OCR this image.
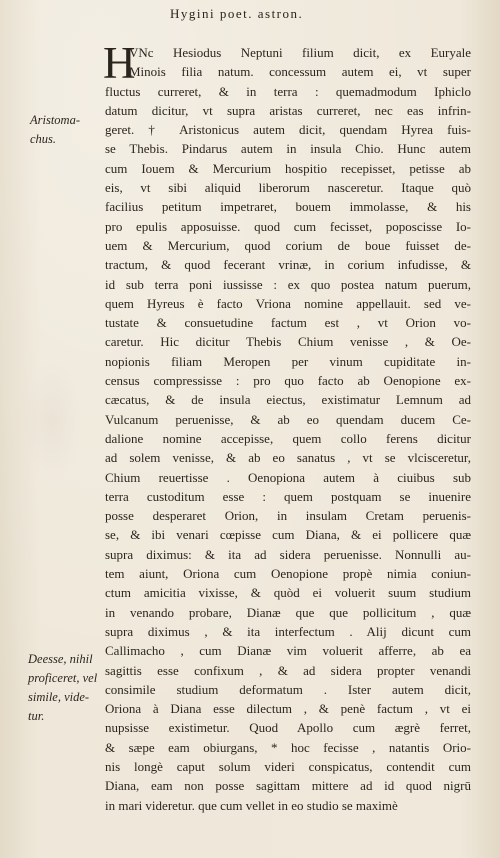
Hygini poet. astron.
H
Aristoma-
chus.
Deesse, nihil
proficeret, vel
simile, vide-
tur.
VNc Hesiodus Neptuni filium dicit, ex Euryale
Minois filia natum. concessum autem ei, vt super
fluctus curreret, & in terra : quemadmodum Iphiclo
datum dicitur, vt supra aristas curreret, nec eas infrin-
geret. † Aristonicus autem dicit, quendam Hyrea fuis-
se Thebis. Pindarus autem in insula Chio. Hunc autem
cum Iouem & Mercurium hospitio recepisset, petisse ab
eis, vt sibi aliquid liberorum nasceretur. Itaque quò
facilius petitum impetraret, bouem immolasse, & his
pro epulis apposuisse. quod cum fecisset, poposcisse Io-
uem & Mercurium, quod corium de boue fuisset de-
tractum, & quod fecerant vrinæ, in corium infudisse, &
id sub terra poni iussisse : ex quo postea natum puerum,
quem Hyreus è facto Vriona nomine appellauit. sed ve-
tustate & consuetudine factum est , vt Orion vo-
caretur. Hic dicitur Thebis Chium venisse , & Oe-
nopionis filiam Meropen per vinum cupiditate in-
census compressisse : pro quo facto ab Oenopione ex-
cæcatus, & de insula eiectus, existimatur Lemnum ad
Vulcanum peruenisse, & ab eo quendam ducem Ce-
dalione nomine accepisse, quem collo ferens dicitur
ad solem venisse, & ab eo sanatus , vt se vlcisceretur,
Chium reuertisse . Oenopiona autem à ciuibus sub
terra custoditum esse : quem postquam se inuenire
posse desperaret Orion, in insulam Cretam peruenis-
se, & ibi venari cœpisse cum Diana, & ei pollicere quæ
supra diximus: & ita ad sidera peruenisse. Nonnulli au-
tem aiunt, Oriona cum Oenopione propè nimia coniun-
ctum amicitia vixisse, & quòd ei voluerit suum studium
in venando probare, Dianæ que que pollicitum , quæ
supra diximus , & ita interfectum . Alij dicunt cum
Callimacho , cum Dianæ vim voluerit afferre, ab ea
sagittis esse confixum , & ad sidera propter venandi
consimile studium deformatum . Ister autem dicit,
Oriona à Diana esse dilectum , & penè factum , vt ei
nupsisse existimetur. Quod Apollo cum ægrè ferret,
& sæpe eam obiurgans, * hoc fecisse , natantis Orio-
nis longè caput solum videri conspicatus, contendit cum
Diana, eam non posse sagittam mittere ad id quod nigrū
in mari videretur. que cum vellet in eo studio se maximè
